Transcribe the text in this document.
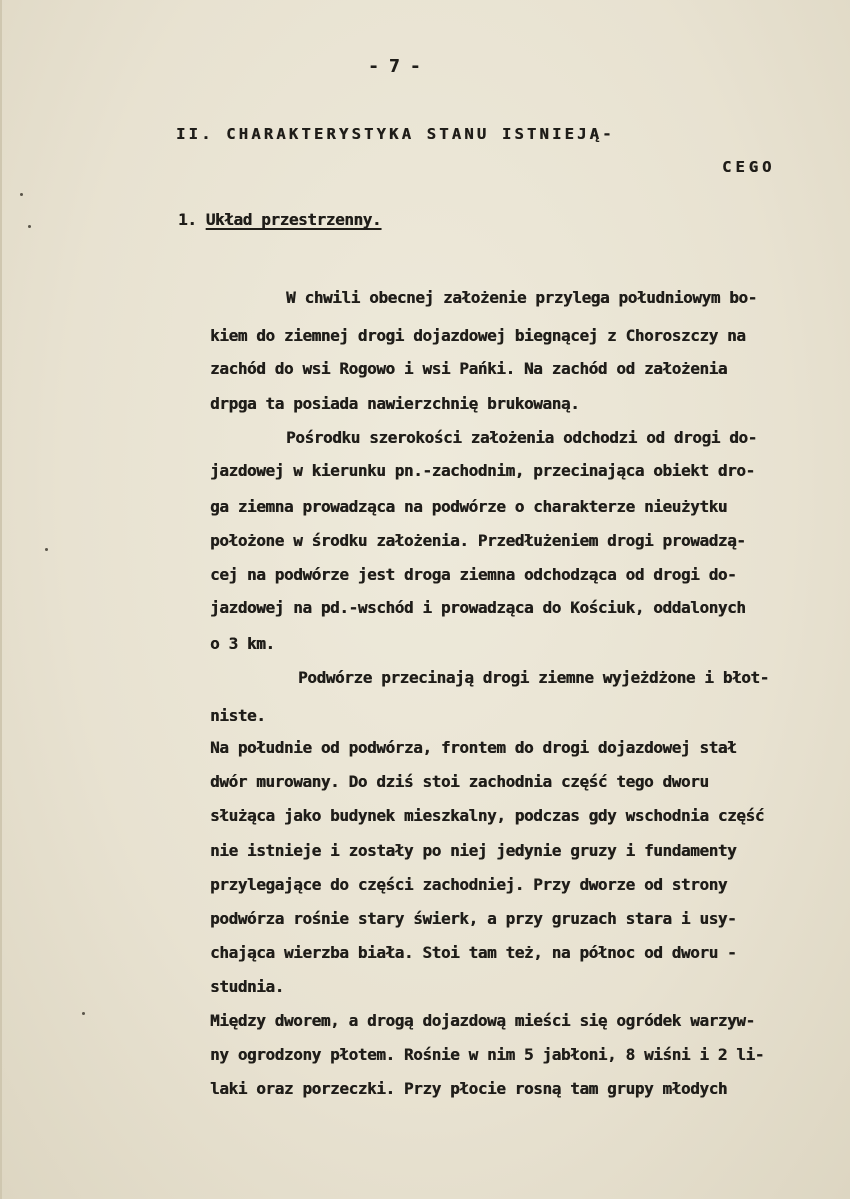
- 7 -
II. CHARAKTERYSTYKA STANU ISTNIEJĄ-
CEGO
1. Układ przestrzenny.
W chwili obecnej założenie przylega południowym bo-
kiem do ziemnej drogi dojazdowej biegnącej z Choroszczy na
zachód do wsi Rogowo i wsi Pańki. Na zachód od założenia
drpga ta posiada nawierzchnię brukowaną.
Pośrodku szerokości założenia odchodzi od drogi do-
jazdowej w kierunku pn.-zachodnim, przecinająca obiekt dro-
ga ziemna prowadząca na podwórze o charakterze nieużytku
położone w środku założenia. Przedłużeniem drogi prowadzą-
cej na podwórze jest droga ziemna odchodząca od drogi do-
jazdowej na pd.-wschód i prowadząca do Kościuk, oddalonych
o 3 km.
Podwórze przecinają drogi ziemne wyjeżdżone i błot-
niste.
Na południe od podwórza, frontem do drogi dojazdowej stał
dwór murowany. Do dziś stoi zachodnia część tego dworu
służąca jako budynek mieszkalny, podczas gdy wschodnia część
nie istnieje i zostały po niej jedynie gruzy i fundamenty
przylegające do części zachodniej. Przy dworze od strony
podwórza rośnie stary świerk, a przy gruzach stara i usy-
chająca wierzba biała. Stoi tam też, na północ od dworu -
studnia.
Między dworem, a drogą dojazdową mieści się ogródek warzyw-
ny ogrodzony płotem. Rośnie w nim 5 jabłoni, 8 wiśni i 2 li-
laki oraz porzeczki. Przy płocie rosną tam grupy młodych
